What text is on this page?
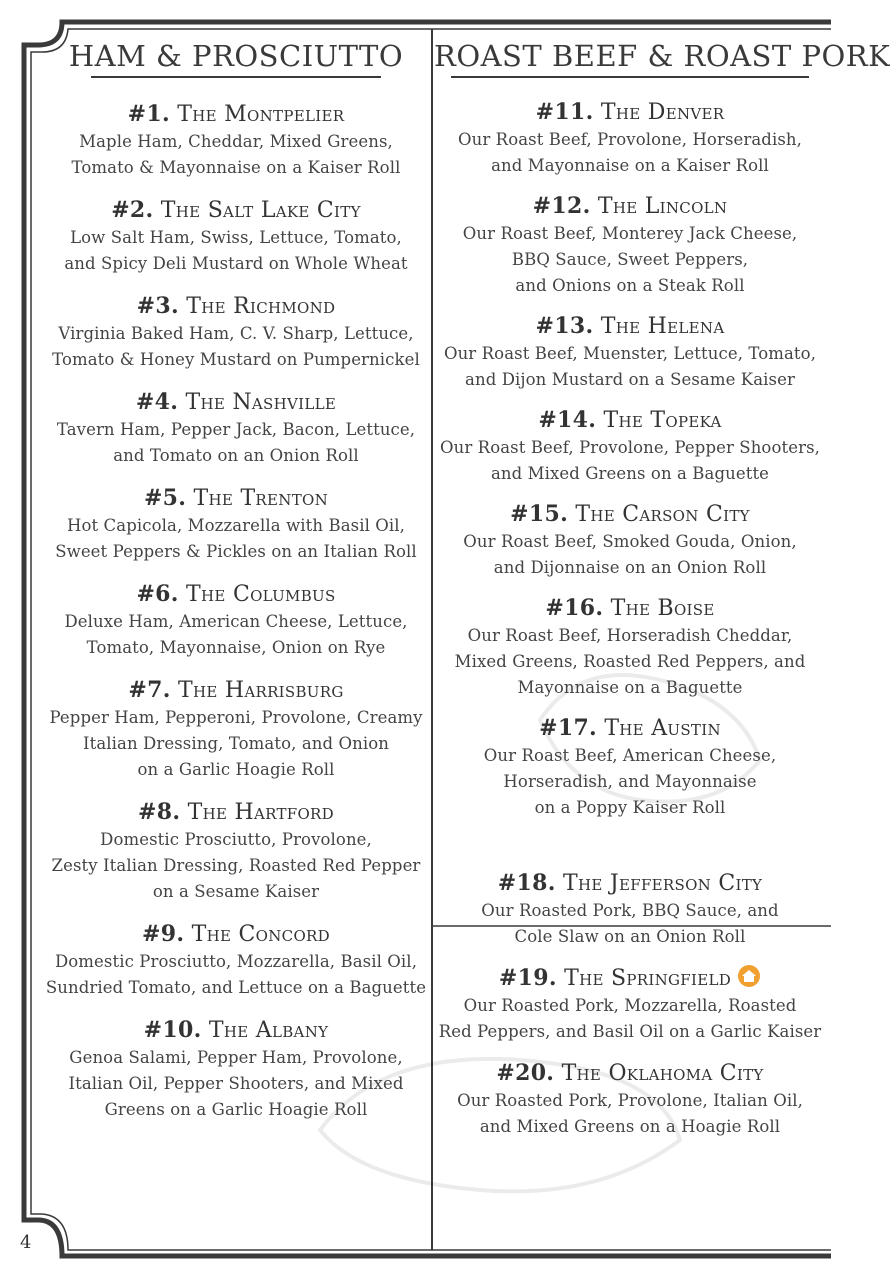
HAM & PROSCIUTTO
#1. The Montpelier
Maple Ham, Cheddar, Mixed Greens,
Tomato & Mayonnaise on a Kaiser Roll
#2. The Salt Lake City
Low Salt Ham, Swiss, Lettuce, Tomato,
and Spicy Deli Mustard on Whole Wheat
#3. The Richmond
Virginia Baked Ham, C. V. Sharp, Lettuce,
Tomato & Honey Mustard on Pumpernickel
#4. The Nashville
Tavern Ham, Pepper Jack, Bacon, Lettuce,
and Tomato on an Onion Roll
#5. The Trenton
Hot Capicola, Mozzarella with Basil Oil,
Sweet Peppers & Pickles on an Italian Roll
#6. The Columbus
Deluxe Ham, American Cheese, Lettuce,
Tomato, Mayonnaise, Onion on Rye
#7. The Harrisburg
Pepper Ham, Pepperoni, Provolone, Creamy
Italian Dressing, Tomato, and Onion
on a Garlic Hoagie Roll
#8. The Hartford
Domestic Prosciutto, Provolone,
Zesty Italian Dressing, Roasted Red Pepper
on a Sesame Kaiser
#9. The Concord
Domestic Prosciutto, Mozzarella, Basil Oil,
Sundried Tomato, and Lettuce on a Baguette
#10. The Albany
Genoa Salami, Pepper Ham, Provolone,
Italian Oil, Pepper Shooters, and Mixed
Greens on a Garlic Hoagie Roll
ROAST BEEF & ROAST PORK
#11. The Denver
Our Roast Beef, Provolone, Horseradish,
and Mayonnaise on a Kaiser Roll
#12. The Lincoln
Our Roast Beef, Monterey Jack Cheese,
BBQ Sauce, Sweet Peppers,
and Onions on a Steak Roll
#13. The Helena
Our Roast Beef, Muenster, Lettuce, Tomato,
and Dijon Mustard on a Sesame Kaiser
#14. The Topeka
Our Roast Beef, Provolone, Pepper Shooters,
and Mixed Greens on a Baguette
#15. The Carson City
Our Roast Beef, Smoked Gouda, Onion,
and Dijonnaise on an Onion Roll
#16. The Boise
Our Roast Beef, Horseradish Cheddar,
Mixed Greens, Roasted Red Peppers, and
Mayonnaise on a Baguette
#17. The Austin
Our Roast Beef, American Cheese,
Horseradish, and Mayonnaise
on a Poppy Kaiser Roll
#18. The Jefferson City
Our Roasted Pork, BBQ Sauce, and
Cole Slaw on an Onion Roll
#19. The Springfield
Our Roasted Pork, Mozzarella, Roasted
Red Peppers, and Basil Oil on a Garlic Kaiser
#20. The Oklahoma City
Our Roasted Pork, Provolone, Italian Oil,
and Mixed Greens on a Hoagie Roll
4
